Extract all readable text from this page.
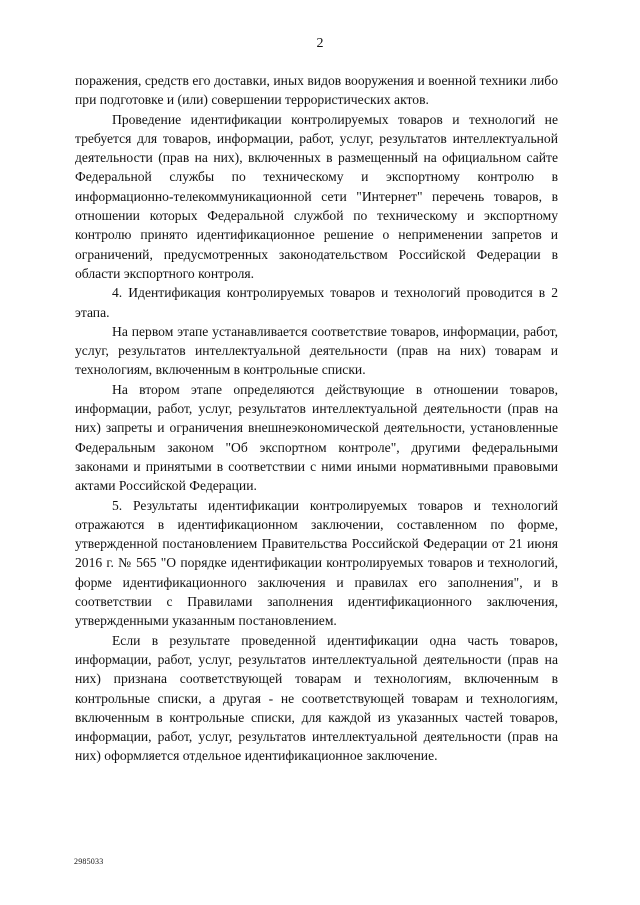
2

поражения, средств его доставки, иных видов вооружения и военной техники либо при подготовке и (или) совершении террористических актов.

Проведение идентификации контролируемых товаров и технологий не требуется для товаров, информации, работ, услуг, результатов интеллектуальной деятельности (прав на них), включенных в размещенный на официальном сайте Федеральной службы по техническому и экспортному контролю в информационно-телекоммуникационной сети "Интернет" перечень товаров, в отношении которых Федеральной службой по техническому и экспортному контролю принято идентификационное решение о неприменении запретов и ограничений, предусмотренных законодательством Российской Федерации в области экспортного контроля.

4. Идентификация контролируемых товаров и технологий проводится в 2 этапа.

На первом этапе устанавливается соответствие товаров, информации, работ, услуг, результатов интеллектуальной деятельности (прав на них) товарам и технологиям, включенным в контрольные списки.

На втором этапе определяются действующие в отношении товаров, информации, работ, услуг, результатов интеллектуальной деятельности (прав на них) запреты и ограничения внешнеэкономической деятельности, установленные Федеральным законом "Об экспортном контроле", другими федеральными законами и принятыми в соответствии с ними иными нормативными правовыми актами Российской Федерации.

5. Результаты идентификации контролируемых товаров и технологий отражаются в идентификационном заключении, составленном по форме, утвержденной постановлением Правительства Российской Федерации от 21 июня 2016 г. № 565 "О порядке идентификации контролируемых товаров и технологий, форме идентификационного заключения и правилах его заполнения", и в соответствии с Правилами заполнения идентификационного заключения, утвержденными указанным постановлением.

Если в результате проведенной идентификации одна часть товаров, информации, работ, услуг, результатов интеллектуальной деятельности (прав на них) признана соответствующей товарам и технологиям, включенным в контрольные списки, а другая - не соответствующей товарам и технологиям, включенным в контрольные списки, для каждой из указанных частей товаров, информации, работ, услуг, результатов интеллектуальной деятельности (прав на них) оформляется отдельное идентификационное заключение.

2985033
